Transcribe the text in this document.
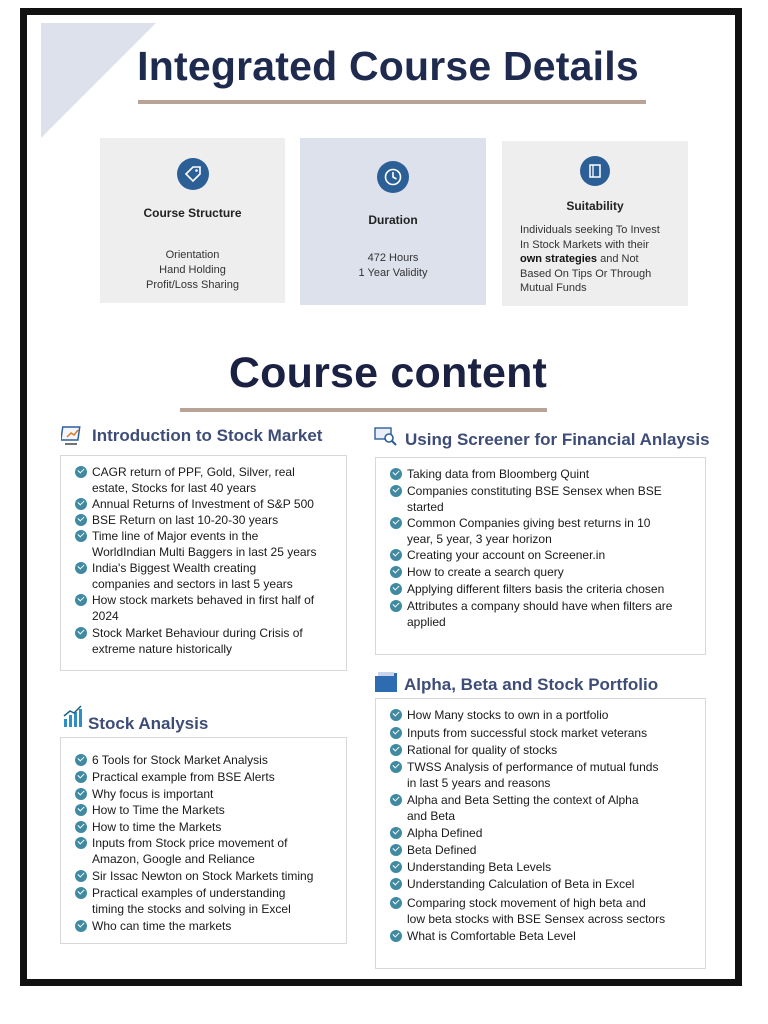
Integrated Course Details
Course Structure
Orientation
Hand Holding
Profit/Loss Sharing
Duration
472 Hours
1 Year Validity
Suitability
Individuals seeking To Invest
In Stock Markets with their
own strategies and Not
Based On Tips Or Through
Mutual Funds
Course content
Introduction to Stock Market
CAGR return of PPF, Gold, Silver, real
estate, Stocks for last 40 years
Annual Returns of Investment of S&P 500
BSE Return on last 10-20-30 years
Time line of Major events in the
WorldIndian Multi Baggers in last 25 years
India's Biggest Wealth creating
companies and sectors in last 5 years
How stock markets behaved in first half of
2024
Stock Market Behaviour during Crisis of
extreme nature historically
Using Screener for Financial Anlaysis
Taking data from Bloomberg Quint
Companies constituting BSE Sensex when BSE
started
Common Companies giving best returns in 10
year, 5 year, 3 year horizon
Creating your account on Screener.in
How to create a search query
Applying different filters basis the criteria chosen
Attributes a company should have when filters are
applied
Alpha, Beta and Stock Portfolio
How Many stocks to own in a portfolio
Inputs from successful stock market veterans
Rational for quality of stocks
TWSS Analysis of performance of mutual funds
in last 5 years and reasons
Alpha and Beta Setting the context of Alpha
and Beta
Alpha Defined
Beta Defined
Understanding Beta Levels
Understanding Calculation of Beta in Excel
Comparing stock movement of high beta and
low beta stocks with BSE Sensex across sectors
What is Comfortable Beta Level
Stock Analysis
6 Tools for Stock Market Analysis
Practical example from BSE Alerts
Why focus is important
How to Time the Markets
How to time the Markets
Inputs from Stock price movement of
Amazon, Google and Reliance
Sir Issac Newton on Stock Markets timing
Practical examples of understanding
timing the stocks and solving in Excel
Who can time the markets
